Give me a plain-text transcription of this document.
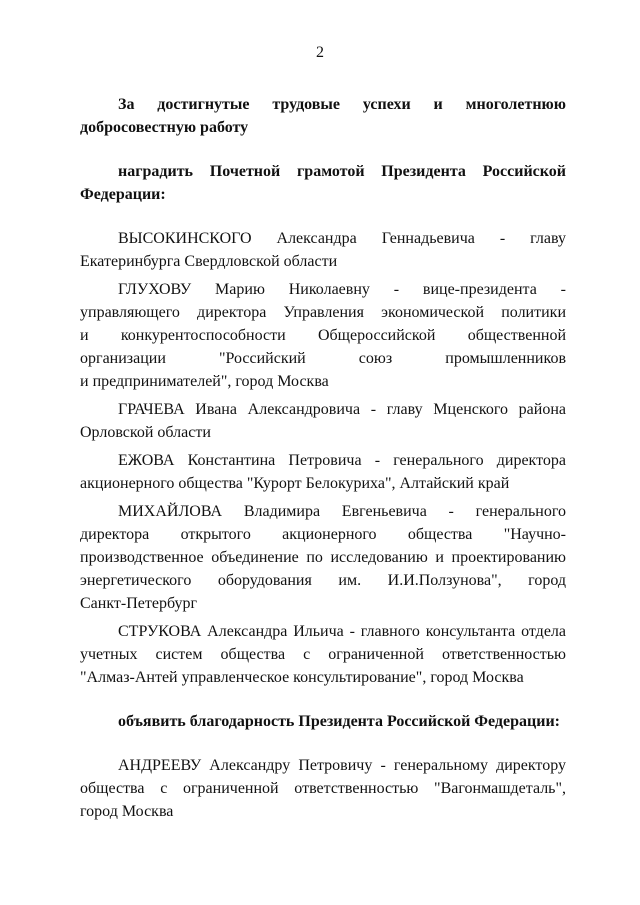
2
За достигнутые трудовые успехи и многолетнюю
добросовестную работу
наградить Почетной грамотой Президента Российской
Федерации:
ВЫСОКИНСКОГО Александра Геннадьевича - главу
Екатеринбурга Свердловской области
ГЛУХОВУ Марию Николаевну - вице-президента -
управляющего директора Управления экономической политики
и конкурентоспособности Общероссийской общественной
организации "Российский союз промышленников
и предпринимателей", город Москва
ГРАЧЕВА Ивана Александровича - главу Мценского района
Орловской области
ЕЖОВА Константина Петровича - генерального директора
акционерного общества "Курорт Белокуриха", Алтайский край
МИХАЙЛОВА Владимира Евгеньевича - генерального
директора открытого акционерного общества "Научно-
производственное объединение по исследованию и проектированию
энергетического оборудования им. И.И.Ползунова", город
Санкт-Петербург
СТРУКОВА Александра Ильича - главного консультанта отдела
учетных систем общества с ограниченной ответственностью
"Алмаз-Антей управленческое консультирование", город Москва
объявить благодарность Президента Российской Федерации:
АНДРЕЕВУ Александру Петровичу - генеральному директору
общества с ограниченной ответственностью "Вагонмашдеталь",
город Москва
